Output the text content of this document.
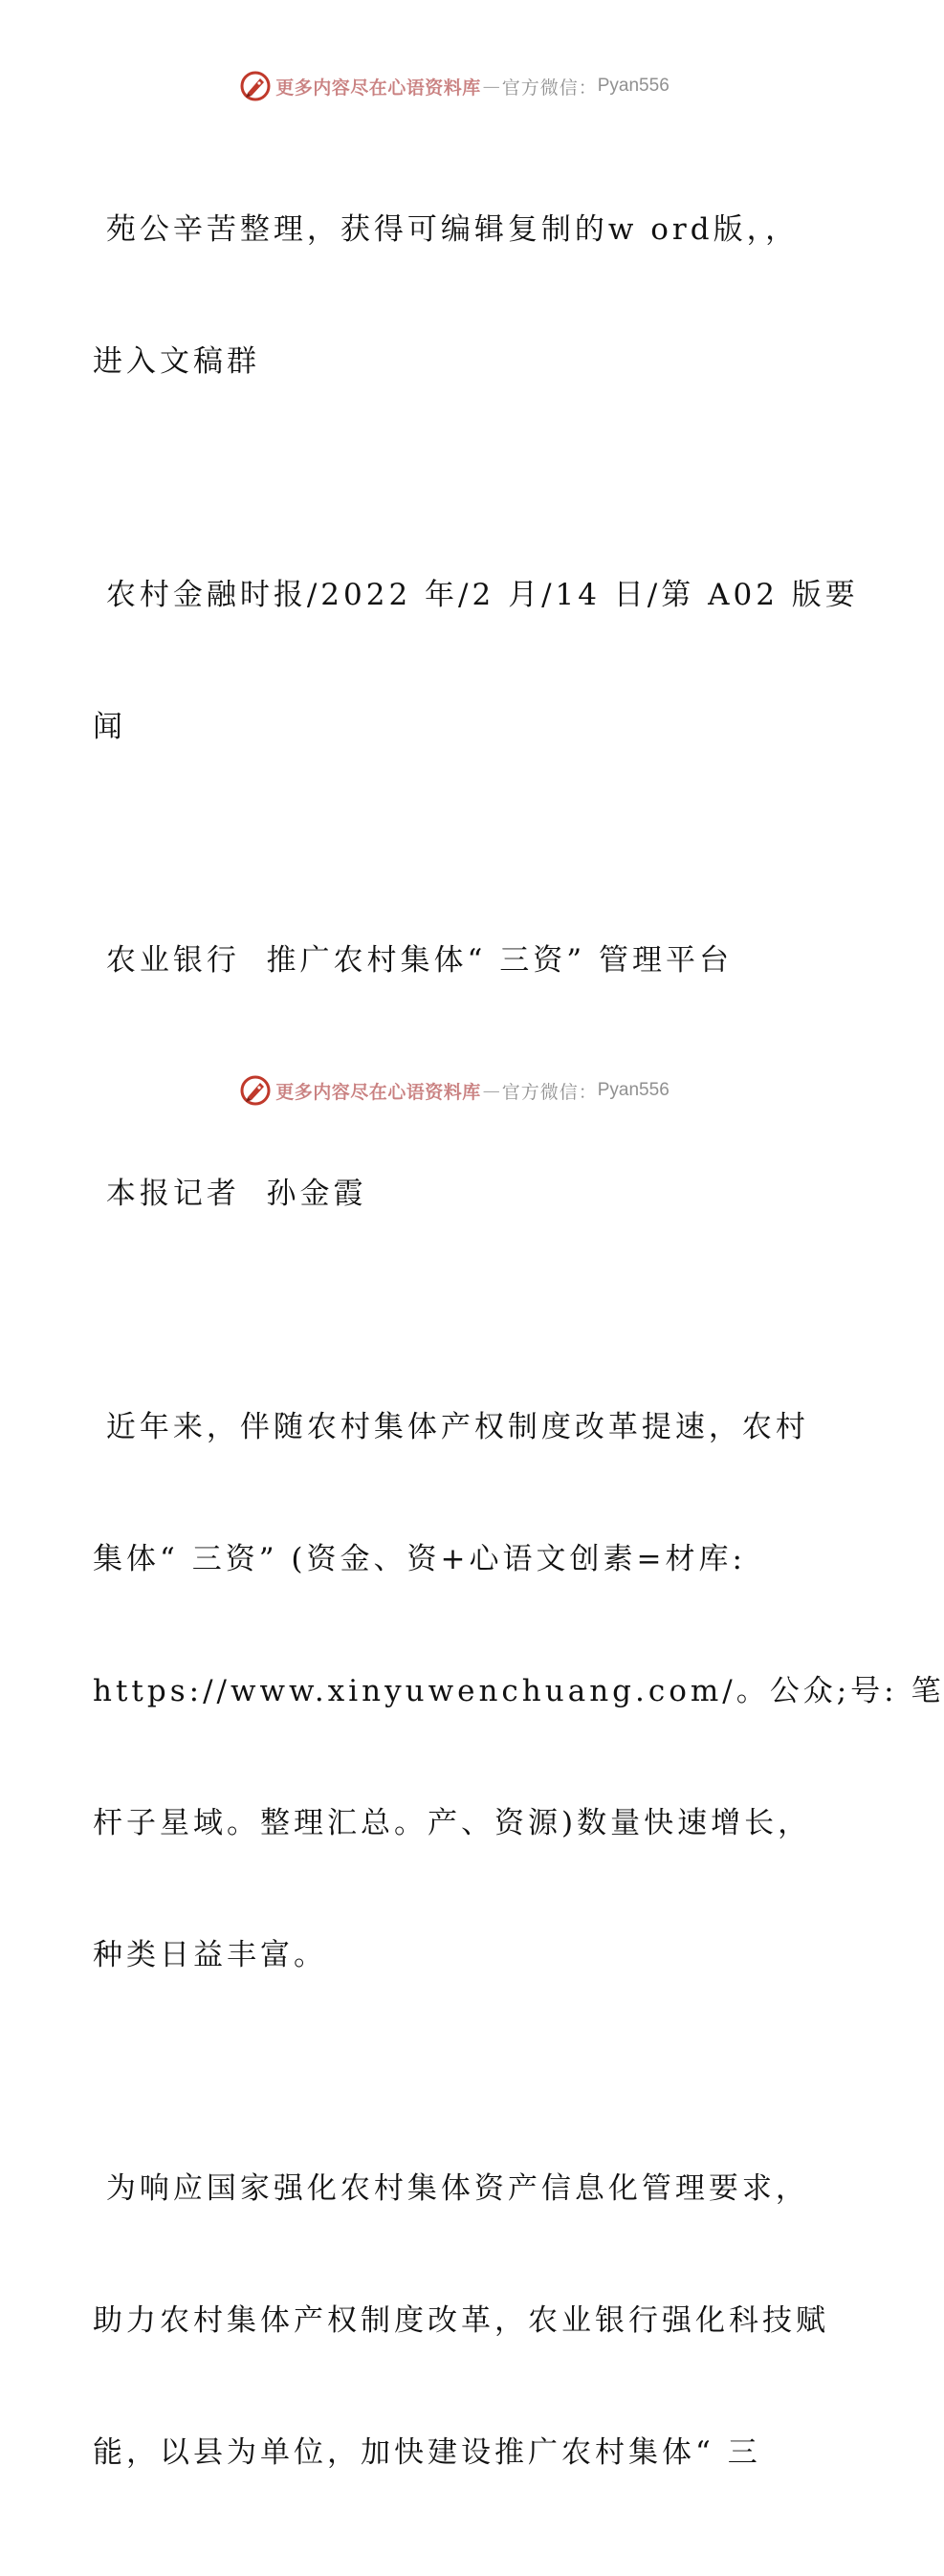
更多内容尽在心语资料库 — 官方微信： Pyan556

苑公辛苦整理，获得可编辑复制的w ord版，，

进入文稿群

农村金融时报/2022 年/2 月/14 日/第 A02 版要

闻

农业银行  推广农村集体“ 三资” 管理平台

本报记者  孙金霞

近年来，伴随农村集体产权制度改革提速，农村

集体“ 三资” (资金、资+心语文创素=材库:

https://www.xinyuwenchuang.com/。公众;号: 笔

杆子星域。整理汇总。产、资源)数量快速增长，

种类日益丰富。

为响应国家强化农村集体资产信息化管理要求，

助力农村集体产权制度改革，农业银行强化科技赋

能，以县为单位，加快建设推广农村集体“ 三

更多内容尽在心语资料库 — 官方微信： Pyan556
